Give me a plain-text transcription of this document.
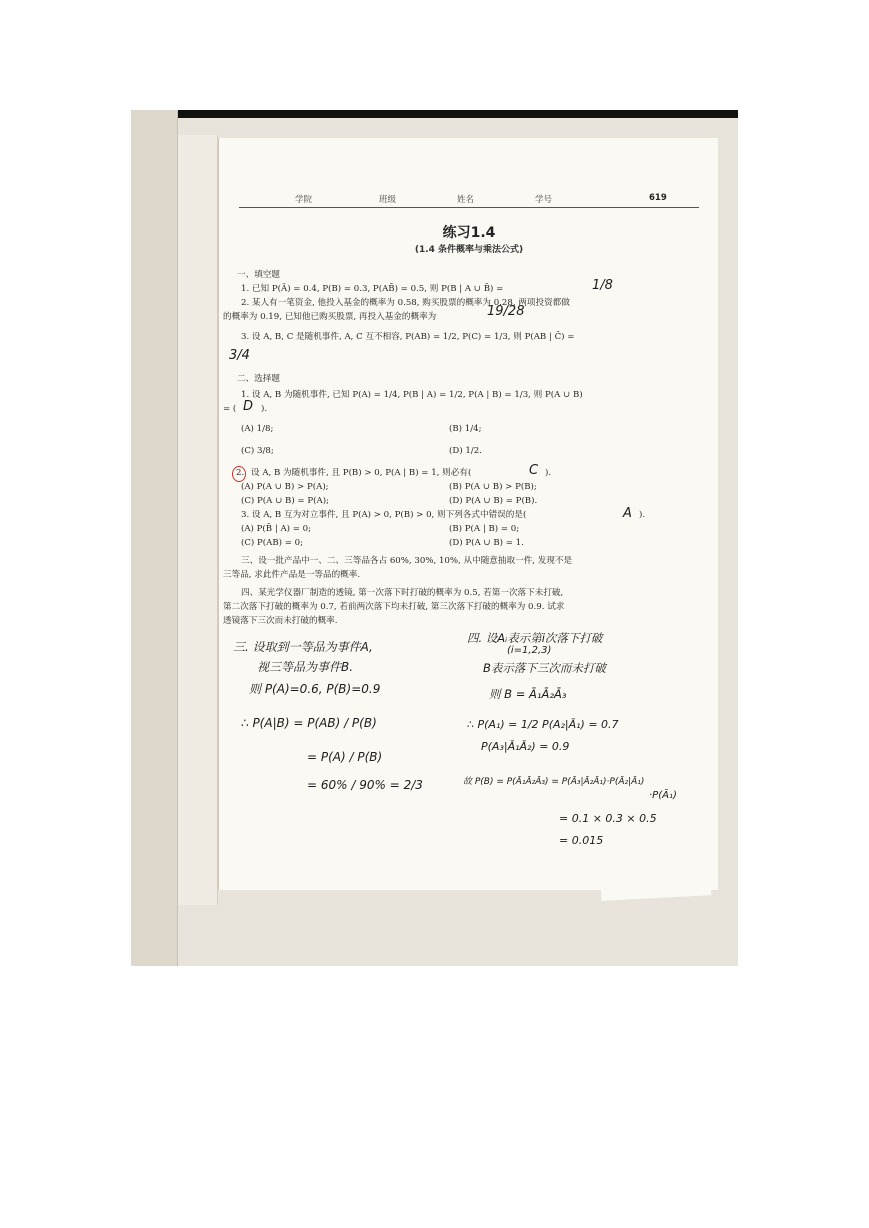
学院	班级	姓名	学号	619
练习1.4
(1.4 条件概率与乘法公式)
一、填空题
1. 已知 P(Ā) = 0.4, P(B) = 0.3, P(AB̄) = 0.5, 则 P(B | A ∪ B̄) =	1/8
2. 某人有一笔资金, 他投入基金的概率为 0.58, 购买股票的概率为 0.28, 两项投资都做
的概率为 0.19, 已知他已购买股票, 再投入基金的概率为	19/28
3. 设 A, B, C 是随机事件, A, C 互不相容, P(AB) = 1/2, P(C) = 1/3, 则 P(AB | C̄) =
3/4
二、选择题
1. 设 A, B 为随机事件, 已知 P(A) = 1/4, P(B | A) = 1/2, P(A | B) = 1/3, 则 P(A ∪ B)
= ( D ).
(A) 1/8;	(B) 1/4;
(C) 3/8;	(D) 1/2.
2. 设 A, B 为随机事件, 且 P(B) > 0, P(A | B) = 1, 则必有(	C ).
(A) P(A ∪ B) > P(A);	(B) P(A ∪ B) > P(B);
(C) P(A ∪ B) = P(A);	(D) P(A ∪ B) = P(B).
3. 设 A, B 互为对立事件, 且 P(A) > 0, P(B) > 0, 则下列各式中错误的是(	A ).
(A) P(B̄ | A) = 0;	(B) P(A | B) = 0;
(C) P(AB) = 0;	(D) P(A ∪ B) = 1.
三、设一批产品中一、二、三等品各占 60%, 30%, 10%, 从中随意抽取一件, 发现不是
三等品, 求此件产品是一等品的概率.
四、某光学仪器厂制造的透镜, 第一次落下时打破的概率为 0.5, 若第一次落下未打破,
第二次落下打破的概率为 0.7, 若前两次落下均未打破, 第三次落下打破的概率为 0.9. 试求
透镜落下三次而未打破的概率.
三. 设取到一等品为事件A,
视三等品为事件B.
则 P(A)=0.6, P(B)=0.9
∴ P(A|B) = P(AB) / P(B)
= P(A) / P(B)
= 60% / 90% = 2/3
四. 设Aᵢ表示第i次落下打破
(i=1,2,3)
B表示落下三次而未打破
则 B = Ā₁Ā₂Ā₃
∴ P(A₁) = 1/2 P(A₂|Ā₁) = 0.7
P(A₃|Ā₁Ā₂) = 0.9
故 P(B) = P(Ā₁Ā₂Ā₃) = P(Ā₃|Ā₂Ā₁)·P(Ā₂|Ā₁)
·P(Ā₁)
= 0.1 × 0.3 × 0.5
= 0.015
